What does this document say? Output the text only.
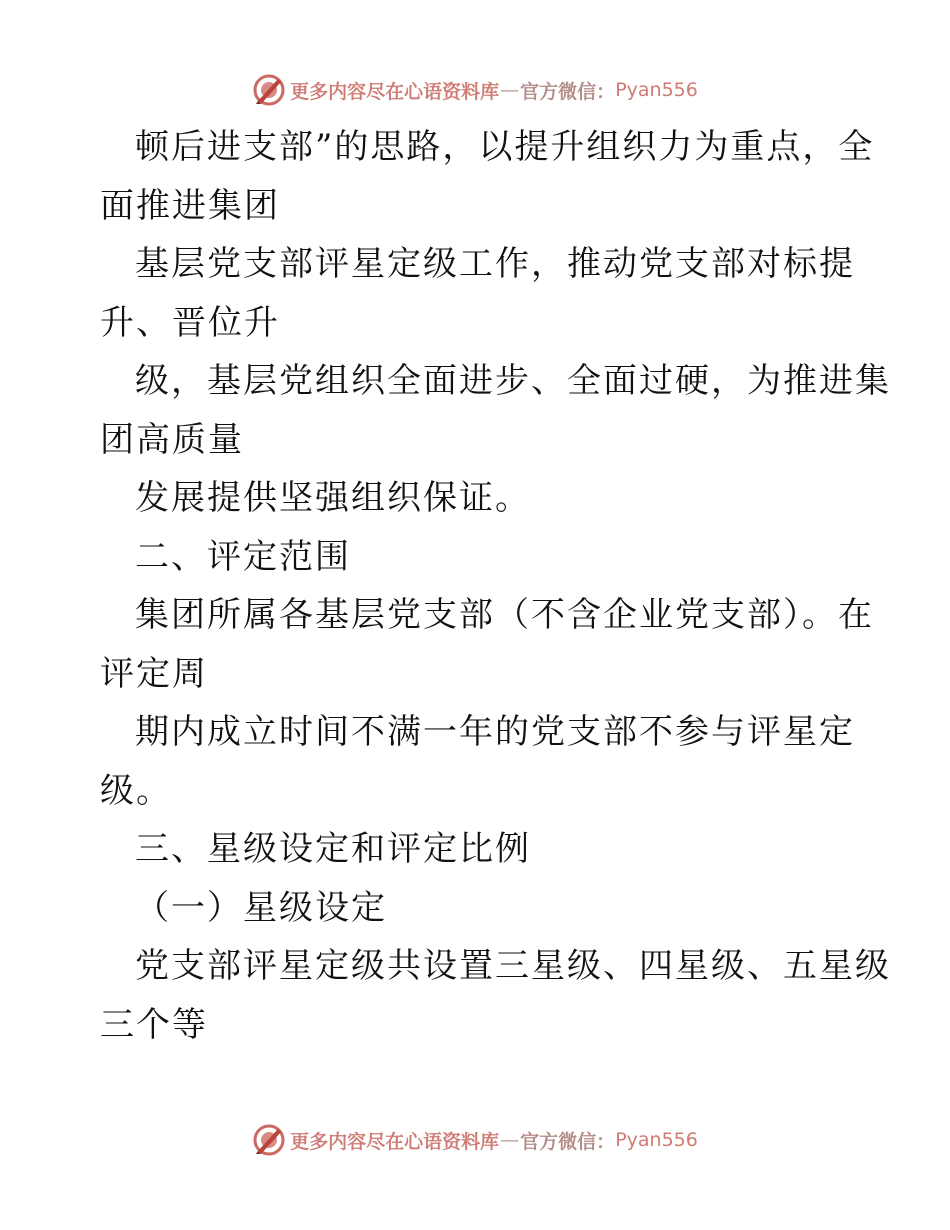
更多内容尽在心语资料库 — 官方微信： Pyan556
顿后进支部”的思路，以提升组织力为重点，全
面推进集团
基层党支部评星定级工作，推动党支部对标提
升、晋位升
级，基层党组织全面进步、全面过硬，为推进集
团高质量
发展提供坚强组织保证。
二、评定范围
集团所属各基层党支部（不含企业党支部）。在
评定周
期内成立时间不满一年的党支部不参与评星定
级。
三、星级设定和评定比例
（一）星级设定
党支部评星定级共设置三星级、四星级、五星级
三个等
更多内容尽在心语资料库 — 官方微信： Pyan556
